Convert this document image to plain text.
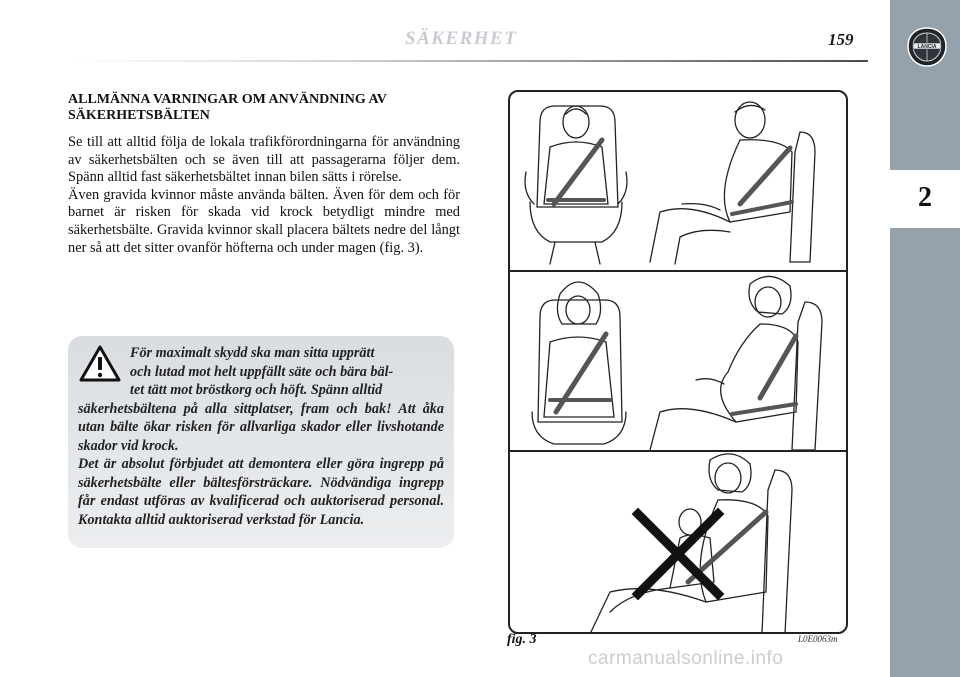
SÄKERHET	159	LANCIA
2
ALLMÄNNA VARNINGAR OM ANVÄNDNING AV
SÄKERHETSBÄLTEN

Se till att alltid följa de lokala trafikförordningarna för användning av säkerhetsbälten och se även till att passagerarna följer dem. Spänn alltid fast säkerhetsbältet innan bilen sätts i rörelse.

Även gravida kvinnor måste använda bälten. Även för dem och för barnet är risken för skada vid krock betydligt mindre med säkerhetsbälte. Gravida kvinnor skall placera bältets nedre del långt ner så att det sitter ovanför höfterna och under magen (fig. 3).

För maximalt skydd ska man sitta upprätt
och lutad mot helt uppfällt säte och bära bäl-
tet tätt mot bröstkorg och höft. Spänn alltid
säkerhetsbältena på alla sittplatser, fram och bak! Att åka utan bälte ökar risken för allvarliga skador eller livshotande skador vid krock.
Det är absolut förbjudet att demontera eller göra ingrepp på säkerhetsbälte eller bältesförsträckare. Nödvändiga ingrepp får endast utföras av kvalificerad och auktoriserad personal. Kontakta alltid auktoriserad verkstad för Lancia.
fig. 3	L0E0063m
carmanualsonline.info
